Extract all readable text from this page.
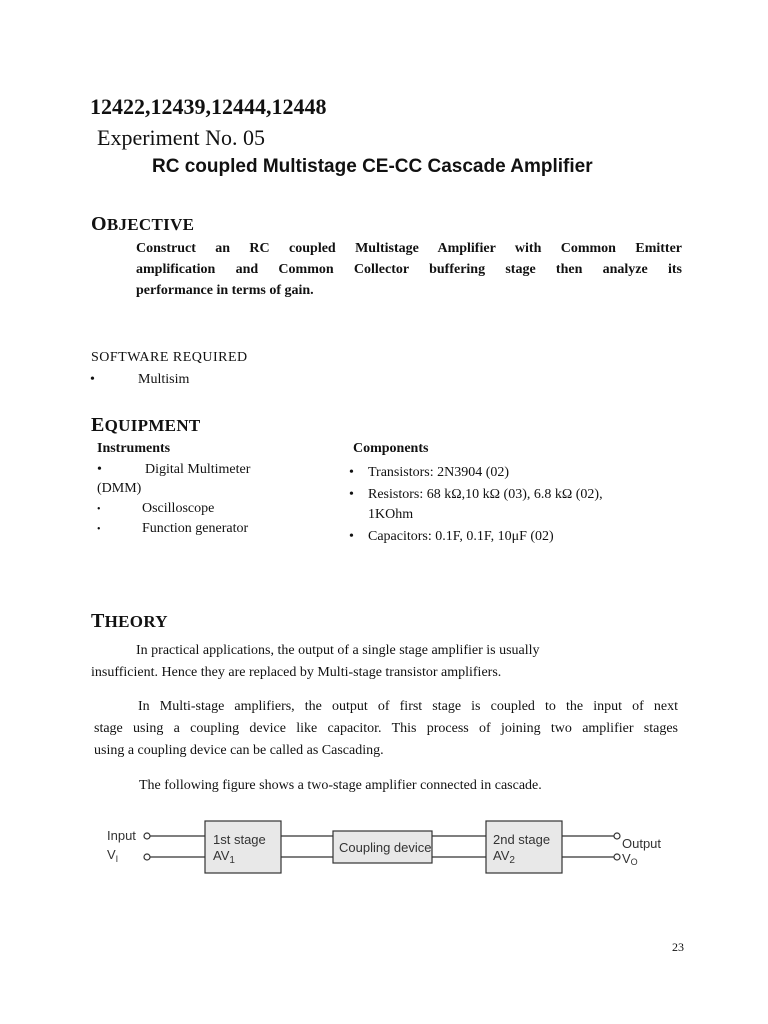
12422,12439,12444,12448
Experiment No. 05
RC coupled Multistage CE-CC Cascade Amplifier
OBJECTIVE
Construct an RC coupled Multistage Amplifier with Common Emitter
amplification and Common Collector buffering stage then analyze its
performance in terms of gain.
SOFTWARE REQUIRED
•	Multisim
EQUIPMENT
Instruments
•	Digital Multimeter
(DMM)
•	Oscilloscope
•	Function generator
Components
• Transistors: 2N3904 (02)
• Resistors: 68 kΩ,10 kΩ (03), 6.8 kΩ (02),
1KOhm
• Capacitors: 0.1F, 0.1F, 10μF (02)
THEORY
In practical applications, the output of a single stage amplifier is usually
insufficient. Hence they are replaced by Multi-stage transistor amplifiers.
In Multi-stage amplifiers, the output of first stage is coupled to the input of next
stage using a coupling device like capacitor. This process of joining two amplifier stages
using a coupling device can be called as Cascading.
The following figure shows a two-stage amplifier connected in cascade.
Input
$V_I$
1st stage
$AV_1$
Coupling device
2nd stage
$AV_2$
Output
VO
23
